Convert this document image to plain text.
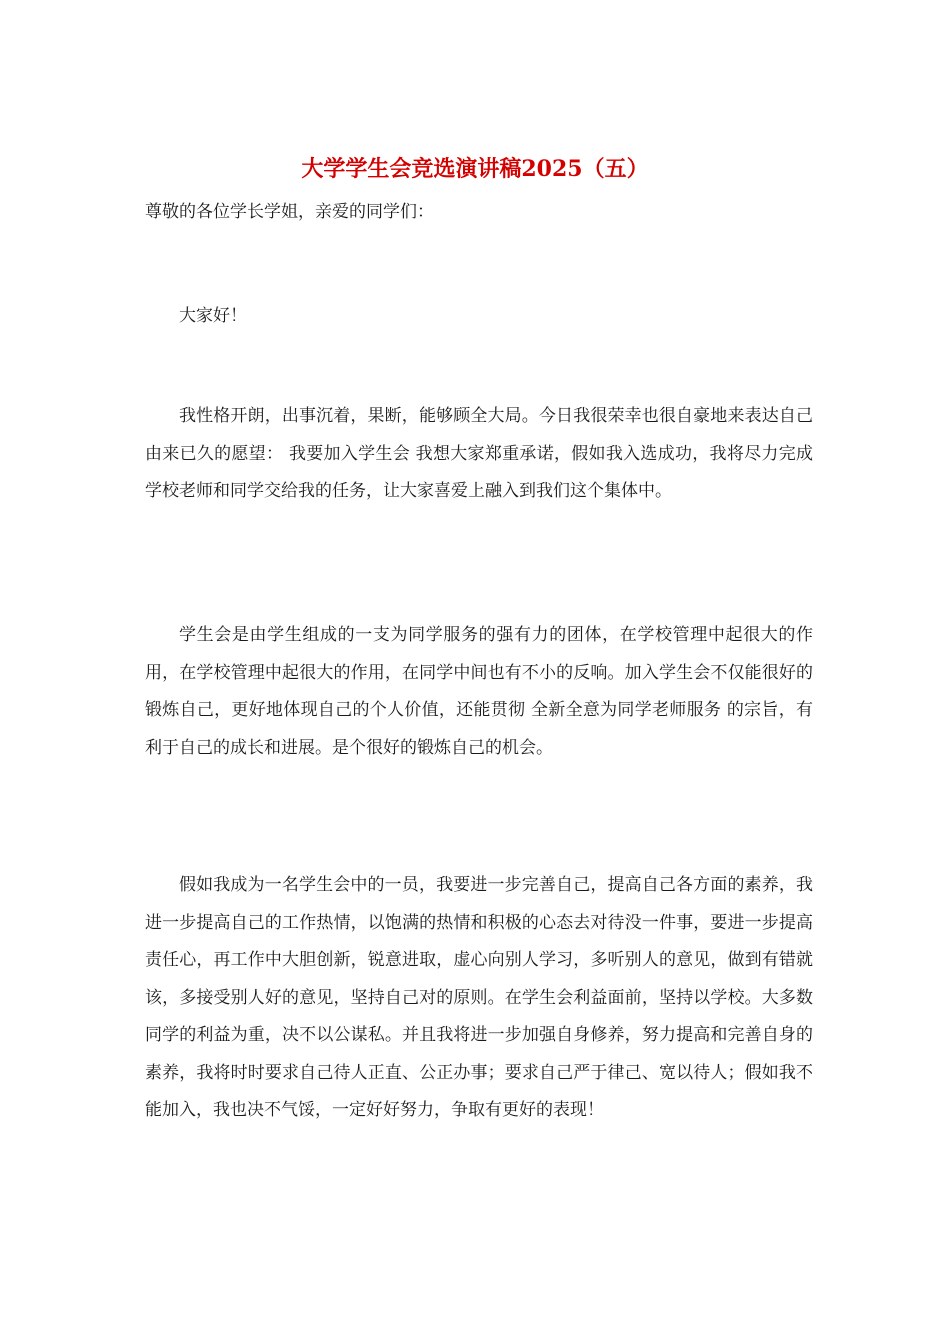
大学学生会竞选演讲稿2025（五）

尊敬的各位学长学姐，亲爱的同学们：

大家好！

我性格开朗，出事沉着，果断，能够顾全大局。今日我很荣幸也很自豪地来表达自己由来已久的愿望： 我要加入学生会 我想大家郑重承诺，假如我入选成功，我将尽力完成学校老师和同学交给我的任务，让大家喜爱上融入到我们这个集体中。

学生会是由学生组成的一支为同学服务的强有力的团体，在学校管理中起很大的作用，在学校管理中起很大的作用，在同学中间也有不小的反响。加入学生会不仅能很好的锻炼自己，更好地体现自己的个人价值，还能贯彻 全新全意为同学老师服务 的宗旨，有利于自己的成长和进展。是个很好的锻炼自己的机会。

假如我成为一名学生会中的一员，我要进一步完善自己，提高自己各方面的素养，我进一步提高自己的工作热情，以饱满的热情和积极的心态去对待没一件事，要进一步提高责任心，再工作中大胆创新，锐意进取，虚心向别人学习，多听别人的意见，做到有错就该，多接受别人好的意见，坚持自己对的原则。在学生会利益面前，坚持以学校。大多数同学的利益为重，决不以公谋私。并且我将进一步加强自身修养，努力提高和完善自身的素养，我将时时要求自己待人正直、公正办事；要求自己严于律己、宽以待人；假如我不能加入，我也决不气馁，一定好好努力，争取有更好的表现！
